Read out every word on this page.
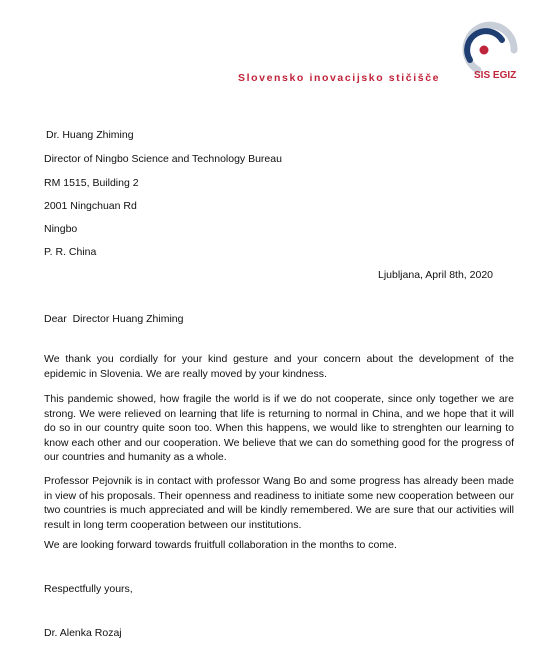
Slovensko inovacijsko stičišče	SIS EGIZ
Dr. Huang Zhiming
Director of Ningbo Science and Technology Bureau
RM 1515, Building 2
2001 Ningchuan Rd
Ningbo
P. R. China
Ljubljana, April 8th, 2020
Dear  Director Huang Zhiming
We thank you cordially for your kind gesture and your concern about the development of the epidemic in Slovenia. We are really moved by your kindness.
This pandemic showed, how fragile the world is if we do not cooperate, since only together we are strong. We were relieved on learning that life is returning to normal in China, and we hope that it will do so in our country quite soon too. When this happens, we would like to strenghten our learning to know each other and our cooperation. We believe that we can do something good for the progress of our countries and humanity as a whole.
Professor Pejovnik is in contact with professor Wang Bo and some progress has already been made in view of his proposals. Their openness and readiness to initiate some new cooperation between our two countries is much appreciated and will be kindly remembered. We are sure that our activities will result in long term cooperation between our institutions.
We are looking forward towards fruitfull collaboration in the months to come.
Respectfully yours,
Dr. Alenka Rozaj
